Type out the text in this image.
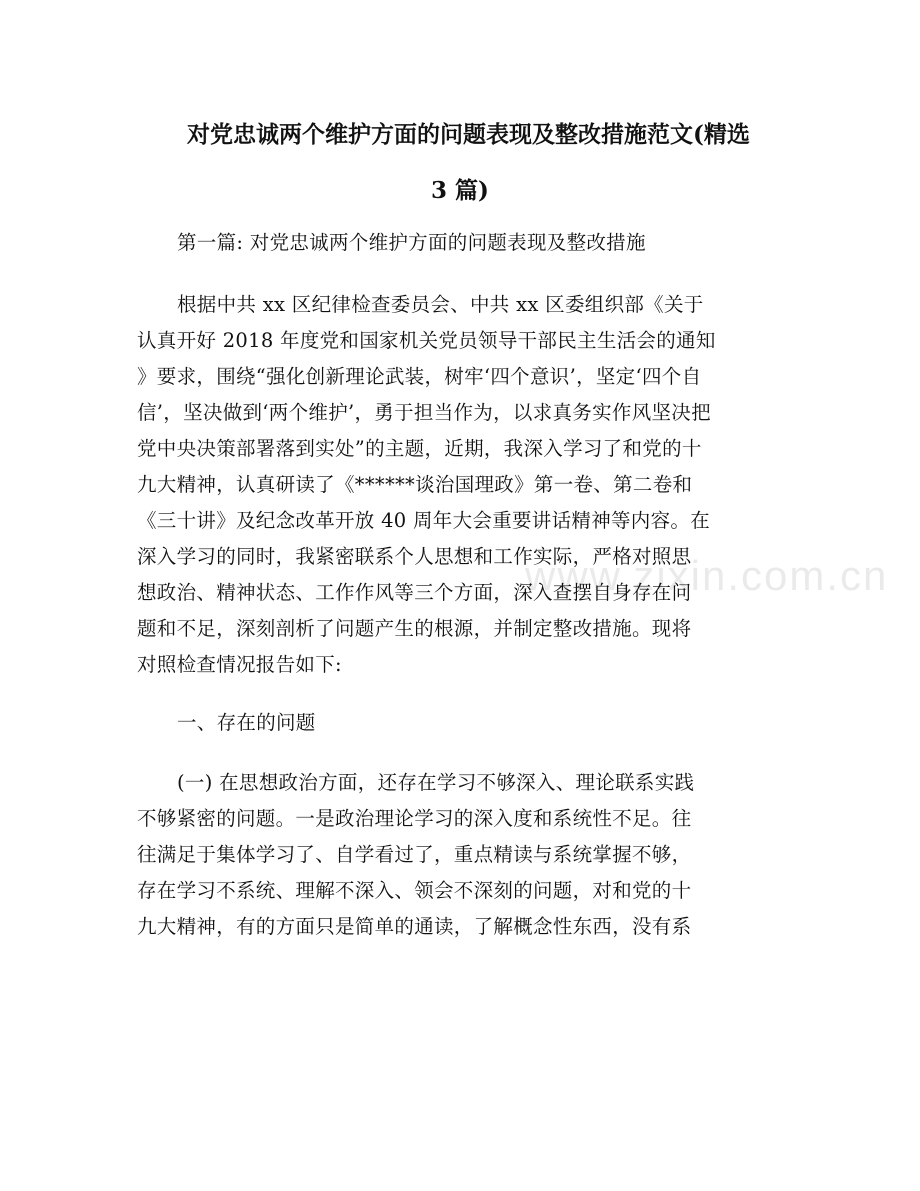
对党忠诚两个维护方面的问题表现及整改措施范文(精选
3 篇)
第一篇: 对党忠诚两个维护方面的问题表现及整改措施
根据中共 xx 区纪律检查委员会、中共 xx 区委组织部《关于
认真开好 2018 年度党和国家机关党员领导干部民主生活会的通知
》要求，围绕“强化创新理论武装，树牢‘四个意识’，坚定‘四个自
信’，坚决做到‘两个维护’，勇于担当作为，以求真务实作风坚决把
党中央决策部署落到实处”的主题，近期，我深入学习了和党的十
九大精神，认真研读了《******谈治国理政》第一卷、第二卷和
《三十讲》及纪念改革开放 40 周年大会重要讲话精神等内容。在
深入学习的同时，我紧密联系个人思想和工作实际，严格对照思
想政治、精神状态、工作作风等三个方面，深入查摆自身存在问
题和不足，深刻剖析了问题产生的根源，并制定整改措施。现将
对照检查情况报告如下:
一、存在的问题
(一) 在思想政治方面，还存在学习不够深入、理论联系实践
不够紧密的问题。一是政治理论学习的深入度和系统性不足。往
往满足于集体学习了、自学看过了，重点精读与系统掌握不够，
存在学习不系统、理解不深入、领会不深刻的问题，对和党的十
九大精神，有的方面只是简单的通读，了解概念性东西，没有系
www.zixin.com.cn
